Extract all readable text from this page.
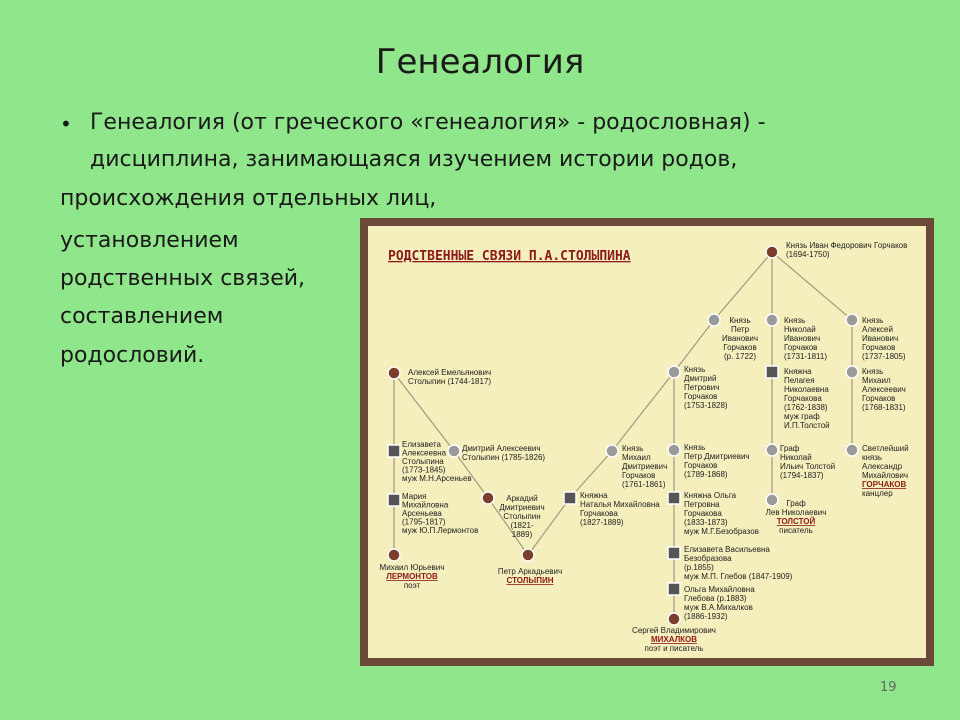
Генеалогия
• Генеалогия (от греческого «генеалогия» - родословная) -
дисциплина, занимающаяся изучением истории родов,
происхождения отдельных лиц,
установлением
родственных связей,
составлением
родословий.
РОДСТВЕННЫЕ СВЯЗИ П.А.СТОЛЫПИНА
Князь Иван Федорович Горчаков (1694-1750)
Князь Петр Иванович Горчаков (р. 1722)
Князь Николай Иванович Горчаков (1731-1811)
Князь Алексей Иванович Горчаков (1737-1805)
Алексей Емельянович Столыпин (1744-1817)
Князь Дмитрий Петрович Горчаков (1753-1828)
Княжна Пелагея Николаевна Горчакова (1762-1838) муж граф И.П.Толстой
Князь Михаил Алексеевич Горчаков (1768-1831)
Елизавета Алексеевна Столыпина (1773-1845) муж М.Н.Арсеньев
Дмитрий Алексеевич Столыпин (1785-1826)
Князь Михаил Дмитриевич Горчаков (1761-1861)
Князь Петр Дмитриевич Горчаков (1789-1868)
Граф Николай Ильич Толстой (1794-1837)
Светлейший князь Александр Михайлович ГОРЧАКОВ канцлер
Мария Михайловна Арсеньева (1795-1817) муж Ю.П.Лермонтов
Аркадий Дмитриевич Столыпин (1821-1889)
Княжна Наталья Михайловна Горчакова (1827-1889)
Княжна Ольга Петровна Горчакова (1833-1873) муж М.Г.Безобразов
Граф Лев Николаевич ТОЛСТОЙ писатель
Михаил Юрьевич ЛЕРМОНТОВ поэт
Петр Аркадьевич СТОЛЫПИН
Елизавета Васильевна Безобразова (р.1855) муж М.П. Глебов (1847-1909)
Ольга Михайловна Глебова (р.1883) муж В.А.Михалков (1886-1932)
Сергей Владимирович МИХАЛКОВ поэт и писатель
19
